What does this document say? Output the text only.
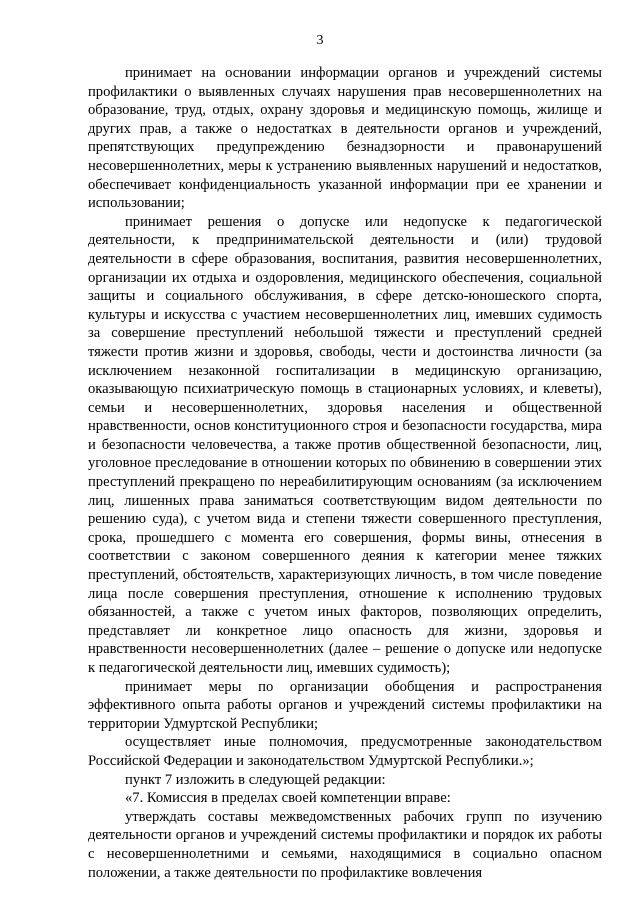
3

принимает на основании информации органов и учреждений системы профилактики о выявленных случаях нарушения прав несовершеннолетних на образование, труд, отдых, охрану здоровья и медицинскую помощь, жилище и других прав, а также о недостатках в деятельности органов и учреждений, препятствующих предупреждению безнадзорности и правонарушений несовершеннолетних, меры к устранению выявленных нарушений и недостатков, обеспечивает конфиденциальность указанной информации при ее хранении и использовании;

принимает решения о допуске или недопуске к педагогической деятельности, к предпринимательской деятельности и (или) трудовой деятельности в сфере образования, воспитания, развития несовершеннолетних, организации их отдыха и оздоровления, медицинского обеспечения, социальной защиты и социального обслуживания, в сфере детско-юношеского спорта, культуры и искусства с участием несовершеннолетних лиц, имевших судимость за совершение преступлений небольшой тяжести и преступлений средней тяжести против жизни и здоровья, свободы, чести и достоинства личности (за исключением незаконной госпитализации в медицинскую организацию, оказывающую психиатрическую помощь в стационарных условиях, и клеветы), семьи и несовершеннолетних, здоровья населения и общественной нравственности, основ конституционного строя и безопасности государства, мира и безопасности человечества, а также против общественной безопасности, лиц, уголовное преследование в отношении которых по обвинению в совершении этих преступлений прекращено по нереабилитирующим основаниям (за исключением лиц, лишенных права заниматься соответствующим видом деятельности по решению суда), с учетом вида и степени тяжести совершенного преступления, срока, прошедшего с момента его совершения, формы вины, отнесения в соответствии с законом совершенного деяния к категории менее тяжких преступлений, обстоятельств, характеризующих личность, в том числе поведение лица после совершения преступления, отношение к исполнению трудовых обязанностей, а также с учетом иных факторов, позволяющих определить, представляет ли конкретное лицо опасность для жизни, здоровья и нравственности несовершеннолетних (далее – решение о допуске или недопуске к педагогической деятельности лиц, имевших судимость);

принимает меры по организации обобщения и распространения эффективного опыта работы органов и учреждений системы профилактики на территории Удмуртской Республики;

осуществляет иные полномочия, предусмотренные законодательством Российской Федерации и законодательством Удмуртской Республики.»;

пункт 7 изложить в следующей редакции:

«7. Комиссия в пределах своей компетенции вправе:

утверждать составы межведомственных рабочих групп по изучению деятельности органов и учреждений системы профилактики и порядок их работы с несовершеннолетними и семьями, находящимися в социально опасном положении, а также деятельности по профилактике вовлечения
